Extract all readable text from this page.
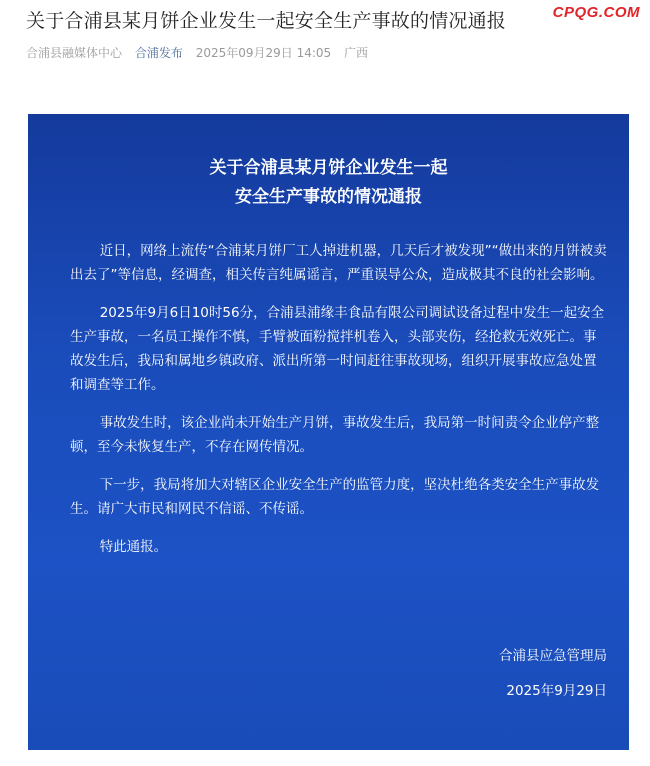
关于合浦县某月饼企业发生一起安全生产事故的情况通报	CPQG.COM
合浦县融媒体中心 合浦发布 2025年09月29日 14:05 广西
关于合浦县某月饼企业发生一起
安全生产事故的情况通报

近日，网络上流传“合浦某月饼厂工人掉进机器，几天后才被发现”“做出来的月饼被卖出去了”等信息，经调查，相关传言纯属谣言，严重误导公众，造成极其不良的社会影响。

2025年9月6日10时56分，合浦县浦缘丰食品有限公司调试设备过程中发生一起安全生产事故，一名员工操作不慎，手臂被面粉搅拌机卷入，头部夹伤，经抢救无效死亡。事故发生后，我局和属地乡镇政府、派出所第一时间赶往事故现场，组织开展事故应急处置和调查等工作。

事故发生时，该企业尚未开始生产月饼，事故发生后，我局第一时间责令企业停产整顿，至今未恢复生产，不存在网传情况。

下一步，我局将加大对辖区企业安全生产的监管力度，坚决杜绝各类安全生产事故发生。请广大市民和网民不信谣、不传谣。

特此通报。

合浦县应急管理局
2025年9月29日
